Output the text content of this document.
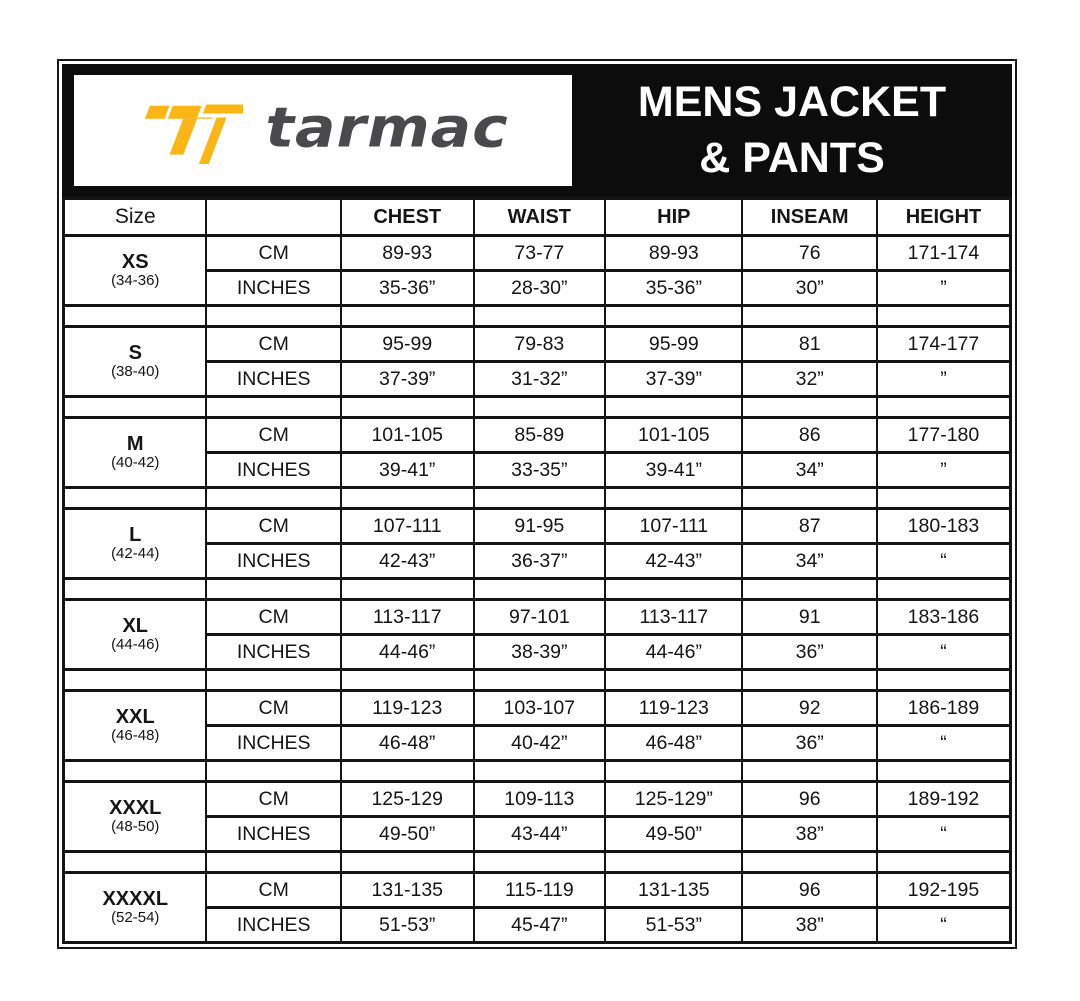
tarmac	MENS JACKET
& PANTS
Size		CHEST	WAIST	HIP	INSEAM	HEIGHT

XS
(34-36)	CM	89-93	73-77	89-93	76	171-174
	INCHES	35-36”	28-30”	35-36”	30”	”

S
(38-40)	CM	95-99	79-83	95-99	81	174-177
	INCHES	37-39”	31-32”	37-39”	32”	”

M
(40-42)	CM	101-105	85-89	101-105	86	177-180
	INCHES	39-41”	33-35”	39-41”	34”	”

L
(42-44)	CM	107-111	91-95	107-111	87	180-183
	INCHES	42-43”	36-37”	42-43”	34”	“

XL
(44-46)	CM	113-117	97-101	113-117	91	183-186
	INCHES	44-46”	38-39”	44-46”	36”	“

XXL
(46-48)	CM	119-123	103-107	119-123	92	186-189
	INCHES	46-48”	40-42”	46-48”	36”	“

XXXL
(48-50)	CM	125-129	109-113	125-129”	96	189-192
	INCHES	49-50”	43-44”	49-50”	38”	“

XXXXL
(52-54)	CM	131-135	115-119	131-135	96	192-195
	INCHES	51-53”	45-47”	51-53”	38”	“
